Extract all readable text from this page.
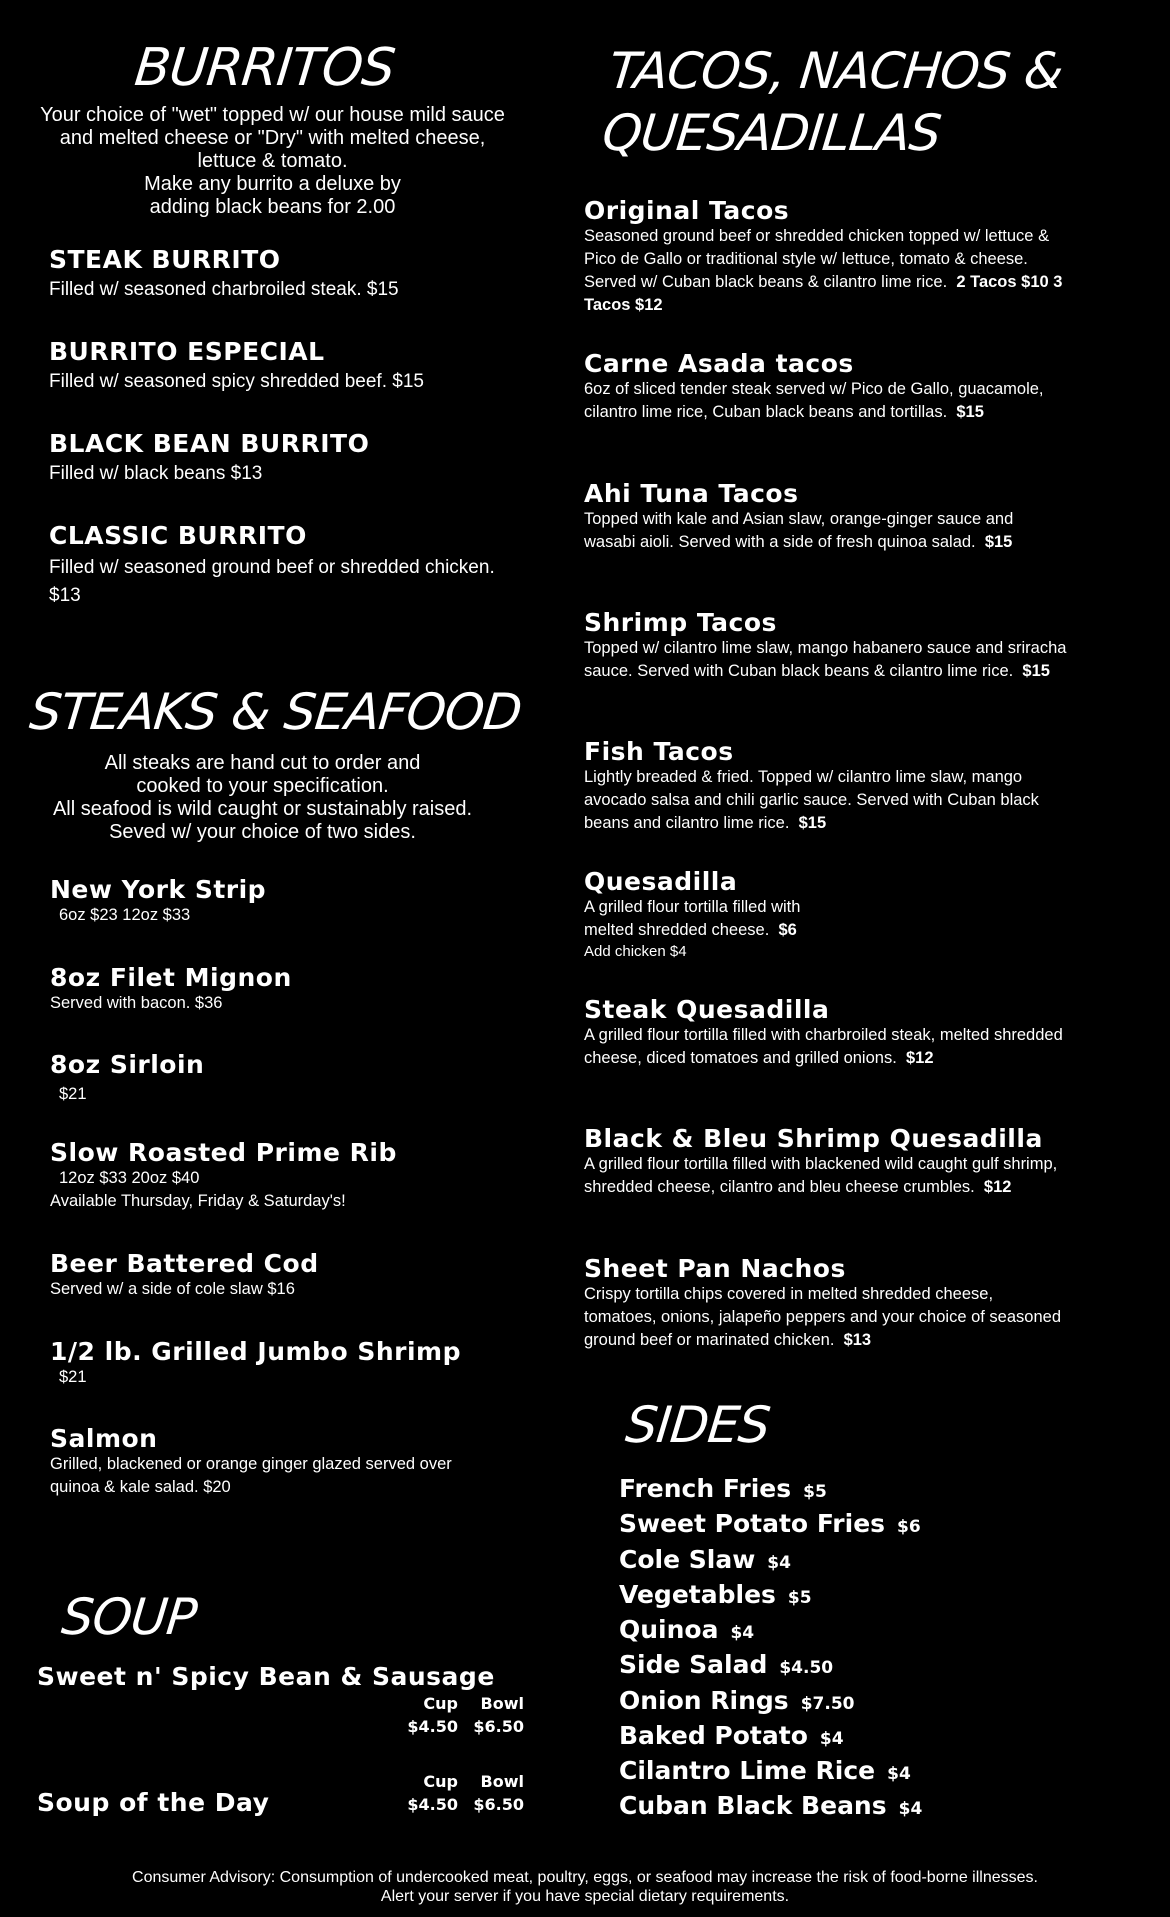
BURRITOS
Your choice of "wet" topped w/ our house mild sauce
and melted cheese or "Dry" with melted cheese,
lettuce & tomato.
Make any burrito a deluxe by
adding black beans for 2.00
STEAK BURRITO
Filled w/ seasoned charbroiled steak. $15
BURRITO ESPECIAL
Filled w/ seasoned spicy shredded beef. $15
BLACK BEAN BURRITO
Filled w/ black beans $13
CLASSIC BURRITO
Filled w/ seasoned ground beef or shredded chicken. $13
STEAKS & SEAFOOD
All steaks are hand cut to order and
cooked to your specification.
All seafood is wild caught or sustainably raised.
Seved w/ your choice of two sides.
New York Strip
6oz $23 12oz $33
8oz Filet Mignon
Served with bacon. $36
8oz Sirloin
$21
Slow Roasted Prime Rib
12oz $33 20oz $40
Available Thursday, Friday & Saturday's!
Beer Battered Cod
Served w/ a side of cole slaw $16
1/2 lb. Grilled Jumbo Shrimp
$21
Salmon
Grilled, blackened or orange ginger glazed served over quinoa & kale salad. $20
SOUP
Sweet n' Spicy Bean & Sausage
Cup	Bowl
$4.50 $6.50
Cup	Bowl
$4.50 $6.50
Soup of the Day
TACOS, NACHOS &
QUESADILLAS
Original Tacos
Seasoned ground beef or shredded chicken topped w/ lettuce & Pico de Gallo or traditional style w/ lettuce, tomato & cheese. Served w/ Cuban black beans & cilantro lime rice. 2 Tacos $10 3 Tacos $12
Carne Asada tacos
6oz of sliced tender steak served w/ Pico de Gallo, guacamole, cilantro lime rice, Cuban black beans and tortillas. $15
Ahi Tuna Tacos
Topped with kale and Asian slaw, orange-ginger sauce and wasabi aioli. Served with a side of fresh quinoa salad. $15
Shrimp Tacos
Topped w/ cilantro lime slaw, mango habanero sauce and sriracha sauce. Served with Cuban black beans & cilantro lime rice. $15
Fish Tacos
Lightly breaded & fried. Topped w/ cilantro lime slaw, mango avocado salsa and chili garlic sauce. Served with Cuban black beans and cilantro lime rice. $15
Quesadilla
A grilled flour tortilla filled with melted shredded cheese. $6
Add chicken $4
Steak Quesadilla
A grilled flour tortilla filled with charbroiled steak, melted shredded cheese, diced tomatoes and grilled onions. $12
Black & Bleu Shrimp Quesadilla
A grilled flour tortilla filled with blackened wild caught gulf shrimp, shredded cheese, cilantro and bleu cheese crumbles. $12
Sheet Pan Nachos
Crispy tortilla chips covered in melted shredded cheese, tomatoes, onions, jalapeño peppers and your choice of seasoned ground beef or marinated chicken. $13
SIDES
French Fries $5
Sweet Potato Fries $6
Cole Slaw $4
Vegetables $5
Quinoa $4
Side Salad $4.50
Onion Rings $7.50
Baked Potato $4
Cilantro Lime Rice $4
Cuban Black Beans $4
Consumer Advisory: Consumption of undercooked meat, poultry, eggs, or seafood may increase the risk of food-borne illnesses.
Alert your server if you have special dietary requirements.
